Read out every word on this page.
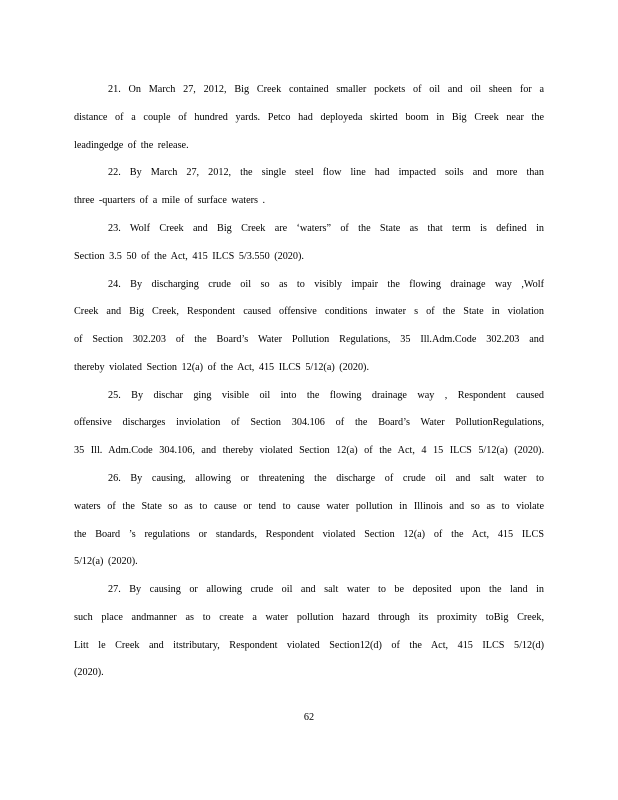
21. On March 27, 2012, Big Creek contained smaller pockets of oil and oil sheen for a
distance of a couple of hundred yards. Petco had deployeda skirted boom in Big Creek near the
leadingedge of the release.
22. By March 27, 2012, the single steel flow line had impacted soils and more than
three -quarters of a mile of surface waters .
23. Wolf Creek and Big Creek are ‘waters” of the State as that term is defined in
Section 3.5 50 of the Act, 415 ILCS 5/3.550 (2020).
24. By discharging crude oil so as to visibly impair the flowing drainage way ,Wolf
Creek and Big Creek, Respondent caused offensive conditions inwater s of the State in violation
of Section 302.203 of the Board’s Water Pollution Regulations, 35 Ill.Adm.Code 302.203 and
thereby violated Section 12(a) of the Act, 415 ILCS 5/12(a) (2020).
25. By dischar ging visible oil into the flowing drainage way , Respondent caused
offensive discharges inviolation of Section 304.106 of the Board’s Water PollutionRegulations,
35 Ill. Adm.Code 304.106, and thereby violated Section 12(a) of the Act, 4 15 ILCS 5/12(a) (2020).
26. By causing, allowing or threatening the discharge of crude oil and salt water to
waters of the State so as to cause or tend to cause water pollution in Illinois and so as to violate
the Board ’s regulations or standards, Respondent violated Section 12(a) of the Act, 415 ILCS
5/12(a) (2020).
27. By causing or allowing crude oil and salt water to be deposited upon the land in
such place andmanner as to create a water pollution hazard through its proximity toBig Creek,
Litt le Creek and itstributary, Respondent violated Section12(d) of the Act, 415 ILCS 5/12(d)
(2020).
62
